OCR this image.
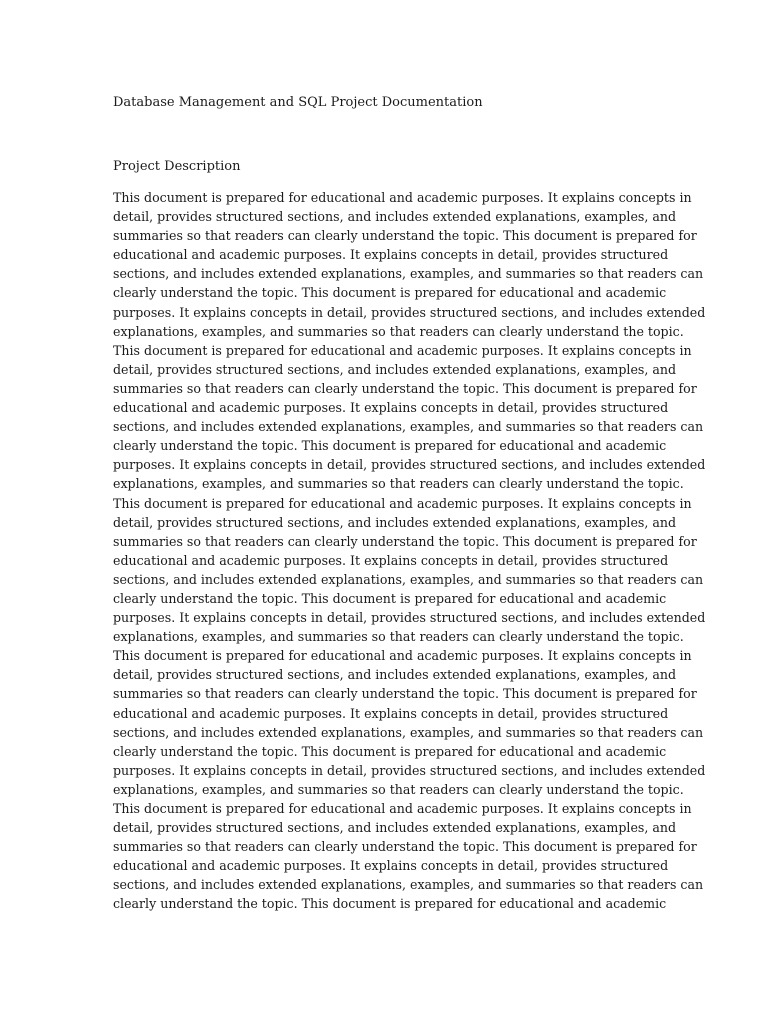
Database Management and SQL Project Documentation
Project Description
This document is prepared for educational and academic purposes. It explains concepts in
detail, provides structured sections, and includes extended explanations, examples, and
summaries so that readers can clearly understand the topic. This document is prepared for
educational and academic purposes. It explains concepts in detail, provides structured
sections, and includes extended explanations, examples, and summaries so that readers can
clearly understand the topic. This document is prepared for educational and academic
purposes. It explains concepts in detail, provides structured sections, and includes extended
explanations, examples, and summaries so that readers can clearly understand the topic.
This document is prepared for educational and academic purposes. It explains concepts in
detail, provides structured sections, and includes extended explanations, examples, and
summaries so that readers can clearly understand the topic. This document is prepared for
educational and academic purposes. It explains concepts in detail, provides structured
sections, and includes extended explanations, examples, and summaries so that readers can
clearly understand the topic. This document is prepared for educational and academic
purposes. It explains concepts in detail, provides structured sections, and includes extended
explanations, examples, and summaries so that readers can clearly understand the topic.
This document is prepared for educational and academic purposes. It explains concepts in
detail, provides structured sections, and includes extended explanations, examples, and
summaries so that readers can clearly understand the topic. This document is prepared for
educational and academic purposes. It explains concepts in detail, provides structured
sections, and includes extended explanations, examples, and summaries so that readers can
clearly understand the topic. This document is prepared for educational and academic
purposes. It explains concepts in detail, provides structured sections, and includes extended
explanations, examples, and summaries so that readers can clearly understand the topic.
This document is prepared for educational and academic purposes. It explains concepts in
detail, provides structured sections, and includes extended explanations, examples, and
summaries so that readers can clearly understand the topic. This document is prepared for
educational and academic purposes. It explains concepts in detail, provides structured
sections, and includes extended explanations, examples, and summaries so that readers can
clearly understand the topic. This document is prepared for educational and academic
purposes. It explains concepts in detail, provides structured sections, and includes extended
explanations, examples, and summaries so that readers can clearly understand the topic.
This document is prepared for educational and academic purposes. It explains concepts in
detail, provides structured sections, and includes extended explanations, examples, and
summaries so that readers can clearly understand the topic. This document is prepared for
educational and academic purposes. It explains concepts in detail, provides structured
sections, and includes extended explanations, examples, and summaries so that readers can
clearly understand the topic. This document is prepared for educational and academic
